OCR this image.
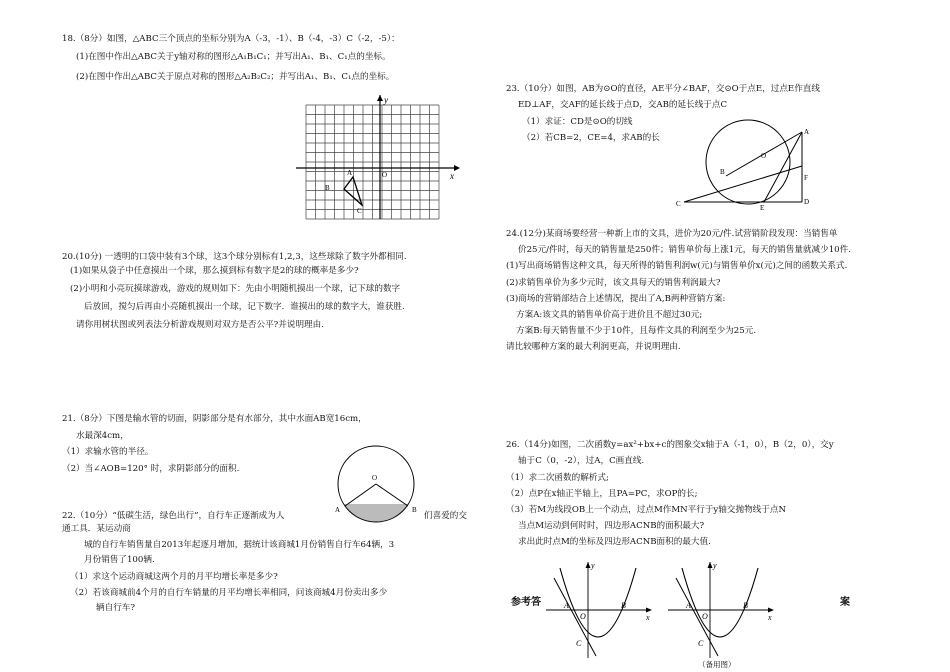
18.（8分）如图，△ABC三个顶点的坐标分别为A（-3，-1）、B（-4，-3）C（-2，-5）：
(1)在图中作出△ABC关于y轴对称的图形△A₁B₁C₁；并写出A₁、B₁、C₁点的坐标。
(2)在图中作出△ABC关于原点对称的图形△A₂B₂C₂；并写出A₁、B₁、C₁点的坐标。
y
x
O
A
B
C
20.(10分) 一透明的口袋中装有3个球，这3个球分别标有1,2,3，这些球除了数字外都相同.
(1)如果从袋子中任意摸出一个球，那么摸到标有数字是2的球的概率是多少?
(2)小明和小亮玩摸球游戏，游戏的规则如下：先由小明随机摸出一个球，记下球的数字
后放回，搅匀后再由小亮随机摸出一个球，记下数字．谁摸出的球的数字大，谁获胜.
请你用树状图或列表法分析游戏规则对双方是否公平?并说明理由.
21.（8分）下图是输水管的切面，阴影部分是有水部分，其中水面AB宽16cm，
水最深4cm，
（1）求输水管的半径。
（2）当∠AOB=120° 时，求阴影部分的面积.
O
A	B
22.（10分）“低碳生活，绿色出行”，自行车正逐渐成为人	们喜爱的交
通工具．某运动商
城的自行车销售量自2013年起逐月增加，据统计该商城1月份销售自行车64辆，3
月份销售了100辆.
（1）求这个运动商城这两个月的月平均增长率是多少?
（2）若该商城前4个月的自行车销量的月平均增长率相同，问该商城4月份卖出多少
辆自行车?
23.（10分）如图，AB为⊙O的直径，AE平分∠BAF，交⊙O于点E，过点E作直线
ED⊥AF，交AF的延长线于点D，交AB的延长线于点C
（1）求证：CD是⊙O的切线
（2）若CB=2，CE=4，求AB的长
O
A
B
C	D
E
F
24.(12分)某商场要经营一种新上市的文具，进价为20元/件.试营销阶段发现：当销售单
价25元/件时，每天的销售量是250件；销售单价每上涨1元，每天的销售量就减少10件.
(1)写出商场销售这种文具，每天所得的销售利润w(元)与销售单价x(元)之间的函数关系式.
(2)求销售单价为多少元时，该文具每天的销售利润最大?
(3)商场的营销部结合上述情况，提出了A,B两种营销方案:
方案A:该文具的销售单价高于进价且不超过30元;
方案B:每天销售量不少于10件，且每件文具的利润至少为25元.
请比较哪种方案的最大利润更高，并说明理由.
26.（14分)如图，二次函数y=ax²+bx+c的图象交x轴于A（-1，0），B（2，0），交y
轴于C（0，-2），过A，C画直线.
（1）求二次函数的解析式;
（2）点P在x轴正半轴上，且PA=PC，求OP的长;
（3）若M为线段OB上一个动点，过点M作MN平行于y轴交抛物线于点N
当点M运动到何时时，四边形ACNB的面积最大?
求出此时点M的坐标及四边形ACNB面积的最大值.
参考答	案
y
x
A
O
B
C
y
x
A
O
B
C
（备用图）
